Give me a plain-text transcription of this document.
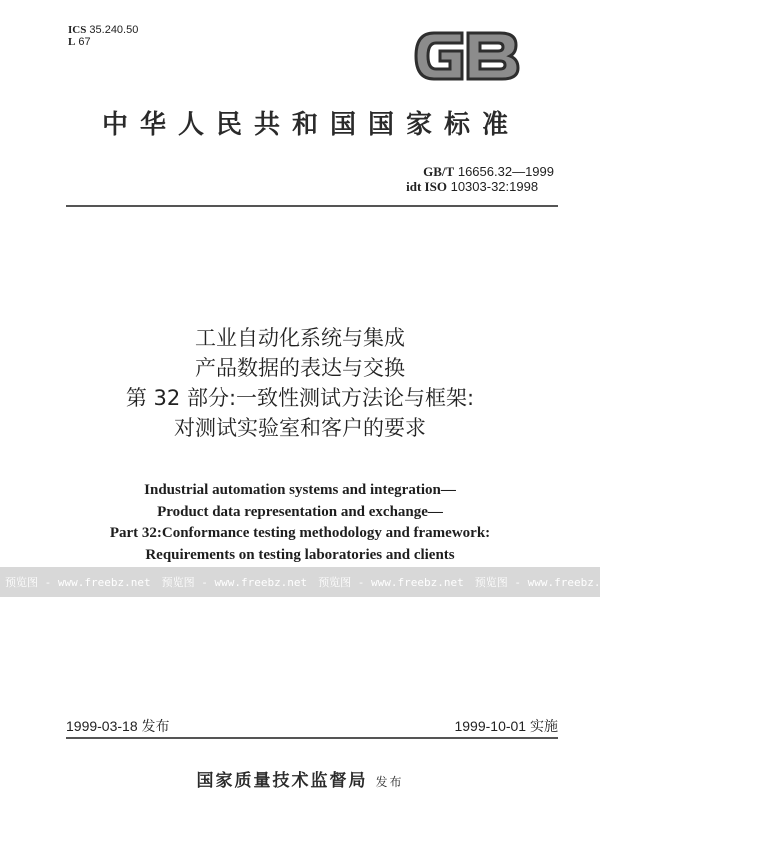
ICS 35.240.50
L 67
中华人民共和国国家标准
GB/T 16656.32—1999
idt ISO 10303-32:1998
工业自动化系统与集成
产品数据的表达与交换
第 32 部分:一致性测试方法论与框架:
对测试实验室和客户的要求
Industrial automation systems and integration—
Product data representation and exchange—
Part 32:Conformance testing methodology and framework:
Requirements on testing laboratories and clients
预览图 - www.freebz.net 预览图 - www.freebz.net 预览图 - www.freebz.net 预览图 - www.freebz.net 预览图 - www.freebz.net
1999-03-18 发布	1999-10-01 实施
国家质量技术监督局 发布
